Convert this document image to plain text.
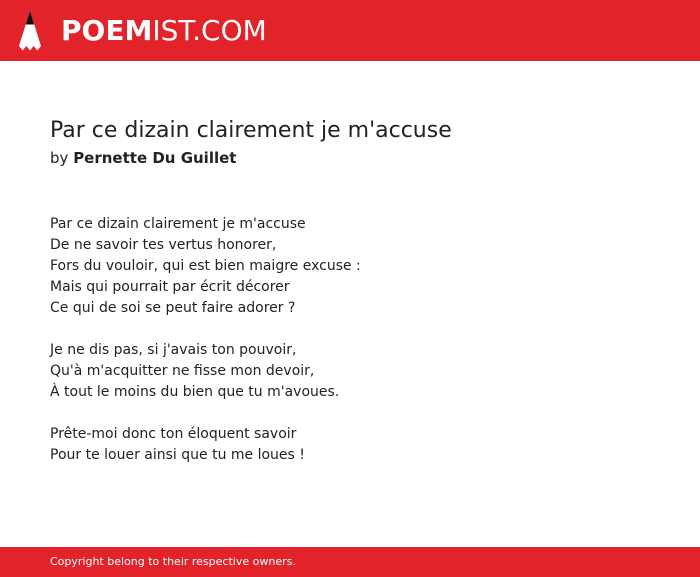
POEMIST.COM
Par ce dizain clairement je m'accuse
by Pernette Du Guillet
Par ce dizain clairement je m'accuse
De ne savoir tes vertus honorer,
Fors du vouloir, qui est bien maigre excuse :
Mais qui pourrait par écrit décorer
Ce qui de soi se peut faire adorer ?
Je ne dis pas, si j'avais ton pouvoir,
Qu'à m'acquitter ne fisse mon devoir,
À tout le moins du bien que tu m'avoues.
Prête-moi donc ton éloquent savoir
Pour te louer ainsi que tu me loues !
Copyright belong to their respective owners.
